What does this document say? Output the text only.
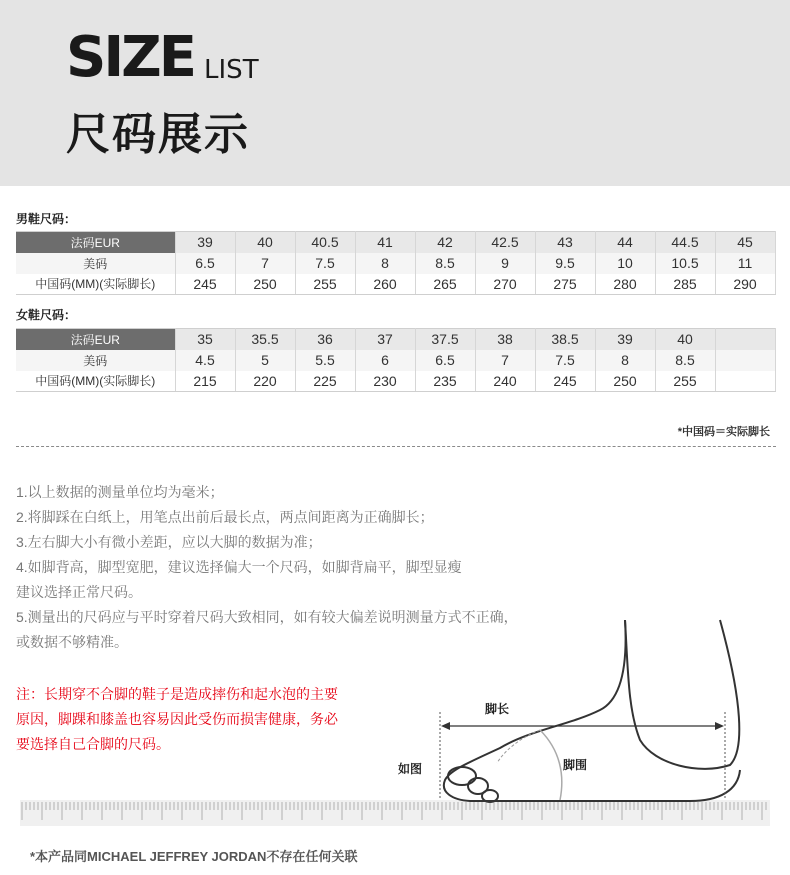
SIZE LIST
尺码展示
男鞋尺码：
法码EUR	39	40	40.5	41	42	42.5	43	44	44.5	45
美码	6.5	7	7.5	8	8.5	9	9.5	10	10.5	11
中国码(MM)(实际脚长)	245	250	255	260	265	270	275	280	285	290
女鞋尺码：
法码EUR	35	35.5	36	37	37.5	38	38.5	39	40	
美码	4.5	5	5.5	6	6.5	7	7.5	8	8.5	
中国码(MM)(实际脚长)	215	220	225	230	235	240	245	250	255	
*中国码＝实际脚长
1.以上数据的测量单位均为毫米；
2.将脚踩在白纸上，用笔点出前后最长点，两点间距离为正确脚长；
3.左右脚大小有微小差距，应以大脚的数据为准；
4.如脚背高，脚型宽肥，建议选择偏大一个尺码，如脚背扁平，脚型显瘦
建议选择正常尺码。
5.测量出的尺码应与平时穿着尺码大致相同，如有较大偏差说明测量方式不正确，
或数据不够精准。
脚长
脚围
如图
注：长期穿不合脚的鞋子是造成摔伤和起水泡的主要
原因，脚踝和膝盖也容易因此受伤而损害健康，务必
要选择自己合脚的尺码。
*本产品同MICHAEL JEFFREY JORDAN不存在任何关联
